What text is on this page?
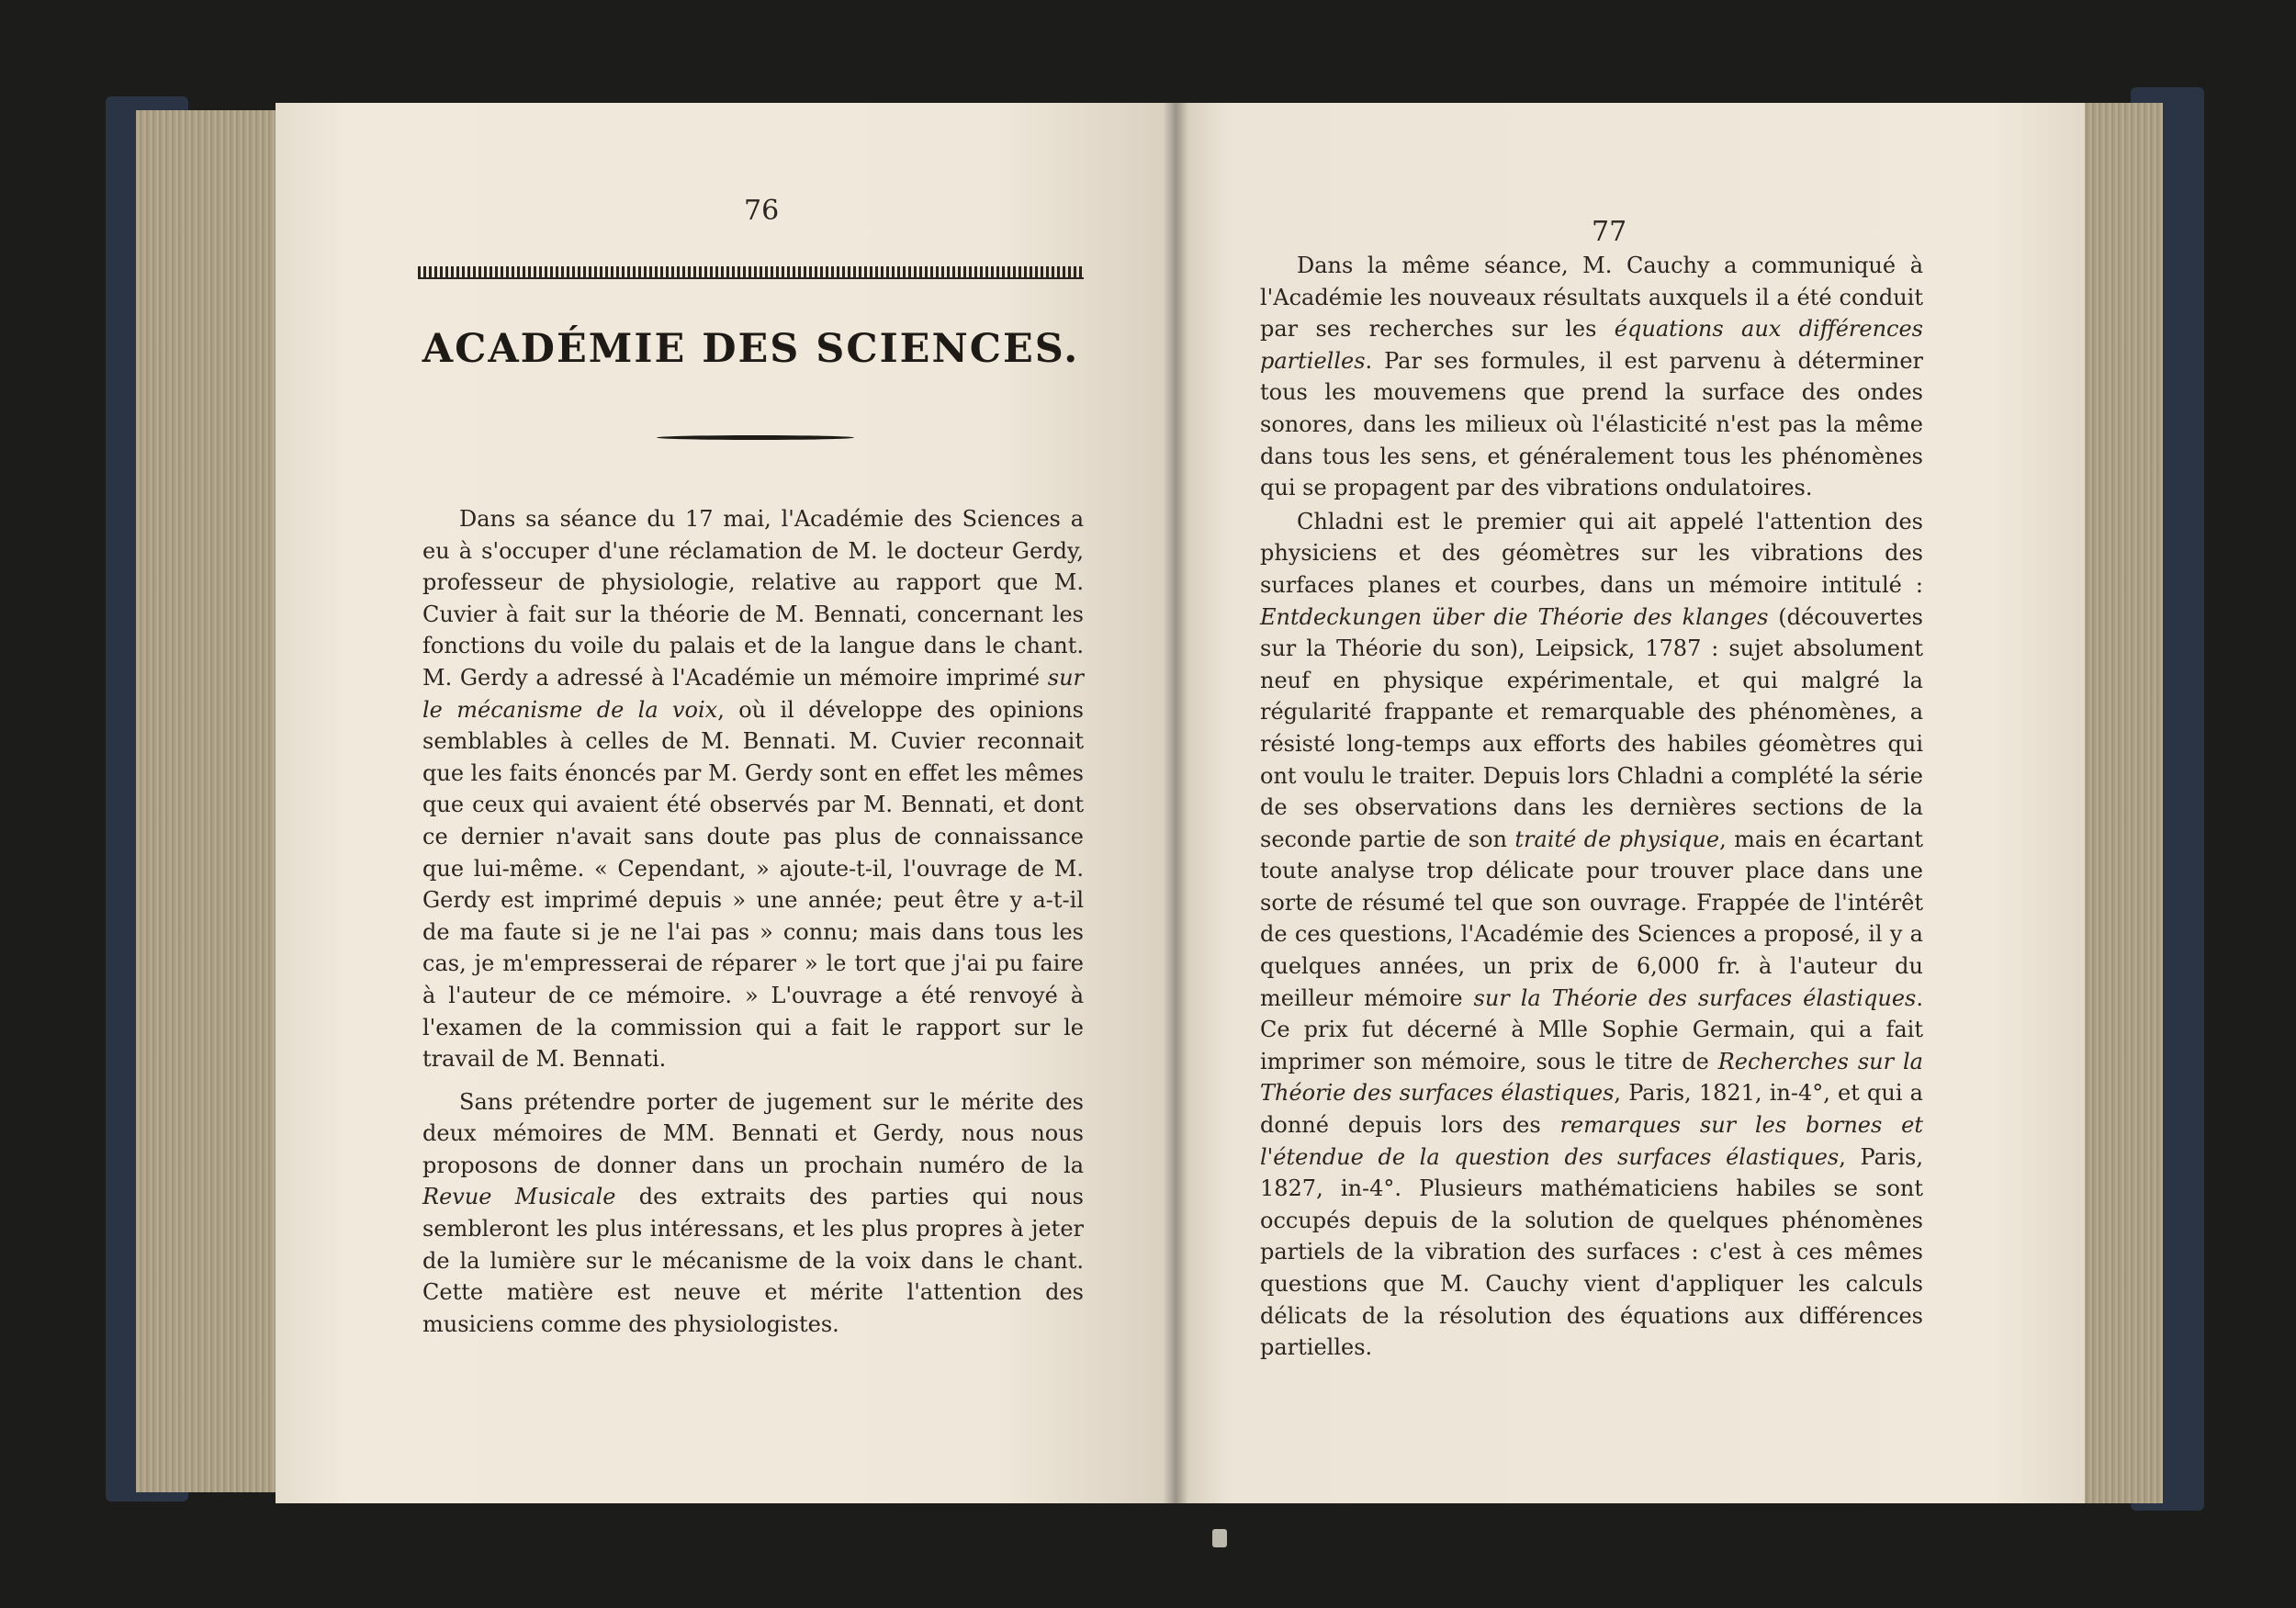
76
ACADÉMIE DES SCIENCES.

Dans sa séance du 17 mai, l'Académie des Sciences a eu à s'occuper d'une réclamation de M. le docteur Gerdy, professeur de physiologie, relative au rapport que M. Cuvier à fait sur la théorie de M. Bennati, concernant les fonctions du voile du palais et de la langue dans le chant. M. Gerdy a adressé à l'Académie un mémoire imprimé sur le mécanisme de la voix, où il développe des opinions semblables à celles de M. Bennati. M. Cuvier reconnait que les faits énoncés par M. Gerdy sont en effet les mêmes que ceux qui avaient été observés par M. Bennati, et dont ce dernier n'avait sans doute pas plus de connaissance que lui-même. « Cependant, » ajoute-t-il, l'ouvrage de M. Gerdy est imprimé depuis » une année; peut être y a-t-il de ma faute si je ne l'ai pas » connu; mais dans tous les cas, je m'empresserai de réparer » le tort que j'ai pu faire à l'auteur de ce mémoire. » L'ouvrage a été renvoyé à l'examen de la commission qui a fait le rapport sur le travail de M. Bennati.

Sans prétendre porter de jugement sur le mérite des deux mémoires de MM. Bennati et Gerdy, nous nous proposons de donner dans un prochain numéro de la Revue Musicale des extraits des parties qui nous sembleront les plus intéressans, et les plus propres à jeter de la lumière sur le mécanisme de la voix dans le chant. Cette matière est neuve et mérite l'attention des musiciens comme des physiologistes.

77

Dans la même séance, M. Cauchy a communiqué à l'Académie les nouveaux résultats auxquels il a été conduit par ses recherches sur les équations aux différences partielles. Par ses formules, il est parvenu à déterminer tous les mouvemens que prend la surface des ondes sonores, dans les milieux où l'élasticité n'est pas la même dans tous les sens, et généralement tous les phénomènes qui se propagent par des vibrations ondulatoires.

Chladni est le premier qui ait appelé l'attention des physiciens et des géomètres sur les vibrations des surfaces planes et courbes, dans un mémoire intitulé : Entdeckungen über die Théorie des klanges (découvertes sur la Théorie du son), Leipsick, 1787 : sujet absolument neuf en physique expérimentale, et qui malgré la régularité frappante et remarquable des phénomènes, a résisté long-temps aux efforts des habiles géomètres qui ont voulu le traiter. Depuis lors Chladni a complété la série de ses observations dans les dernières sections de la seconde partie de son traité de physique, mais en écartant toute analyse trop délicate pour trouver place dans une sorte de résumé tel que son ouvrage. Frappée de l'intérêt de ces questions, l'Académie des Sciences a proposé, il y a quelques années, un prix de 6,000 fr. à l'auteur du meilleur mémoire sur la Théorie des surfaces élastiques. Ce prix fut décerné à Mlle Sophie Germain, qui a fait imprimer son mémoire, sous le titre de Recherches sur la Théorie des surfaces élastiques, Paris, 1821, in-4°, et qui a donné depuis lors des remarques sur les bornes et l'étendue de la question des surfaces élastiques, Paris, 1827, in-4°. Plusieurs mathématiciens habiles se sont occupés depuis de la solution de quelques phénomènes partiels de la vibration des surfaces : c'est à ces mêmes questions que M. Cauchy vient d'appliquer les calculs délicats de la résolution des équations aux différences partielles.
